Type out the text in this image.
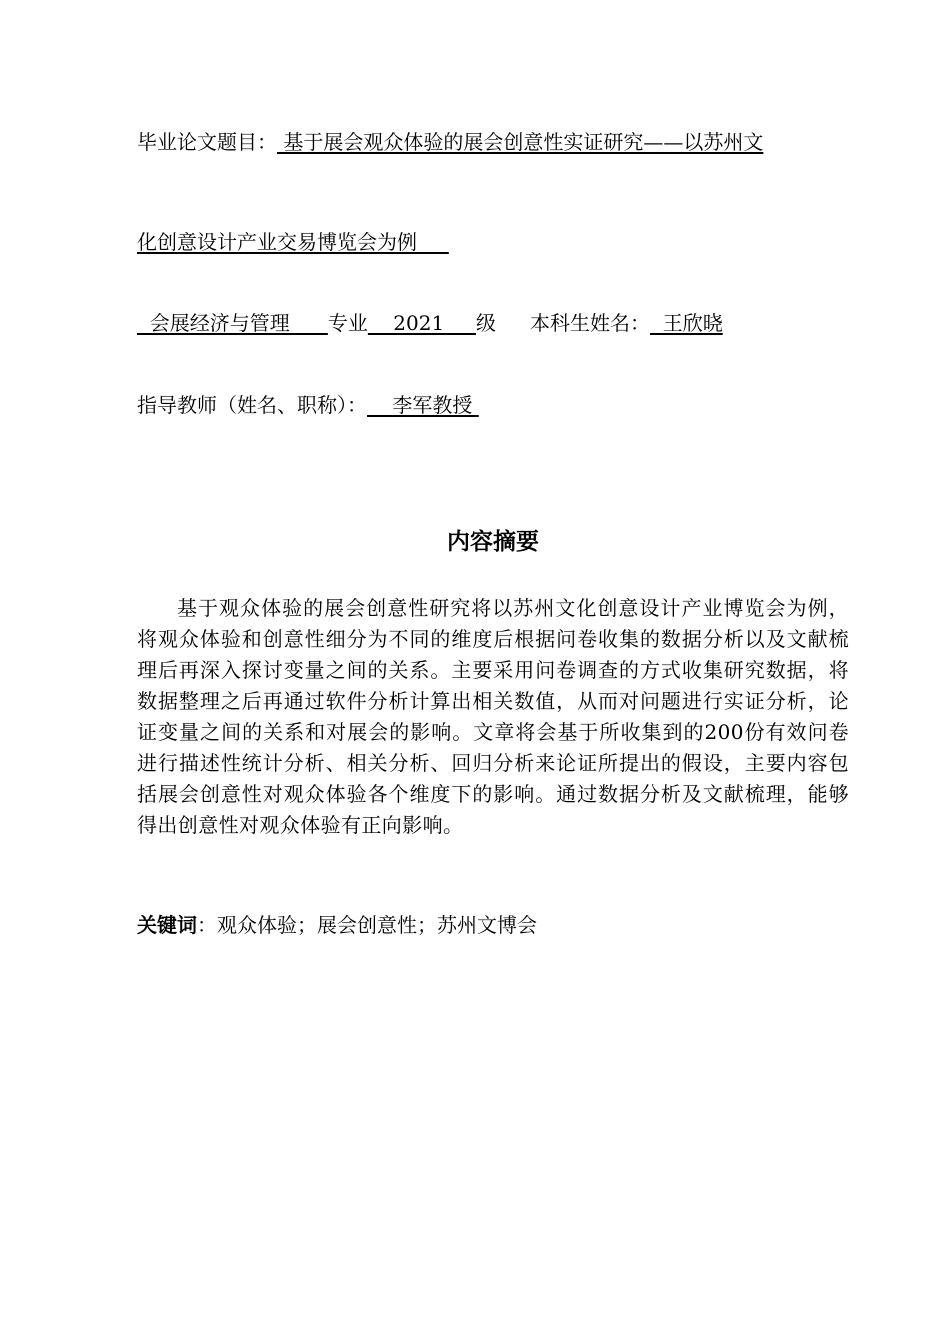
毕业论文题目： 基于展会观众体验的展会创意性实证研究——以苏州文
化创意设计产业交易博览会为例
会展经济与管理      专业    2021     级 本科生姓名：  王欣晓
指导教师（姓名、职称）：    李军教授
内容摘要
基于观众体验的展会创意性研究将以苏州文化创意设计产业博览会为例，将观众体验和创意性细分为不同的维度后根据问卷收集的数据分析以及文献梳理后再深入探讨变量之间的关系。主要采用问卷调查的方式收集研究数据，将数据整理之后再通过软件分析计算出相关数值，从而对问题进行实证分析，论证变量之间的关系和对展会的影响。文章将会基于所收集到的200份有效问卷进行描述性统计分析、相关分析、回归分析来论证所提出的假设，主要内容包括展会创意性对观众体验各个维度下的影响。通过数据分析及文献梳理，能够得出创意性对观众体验有正向影响。
关键词：观众体验；展会创意性；苏州文博会
